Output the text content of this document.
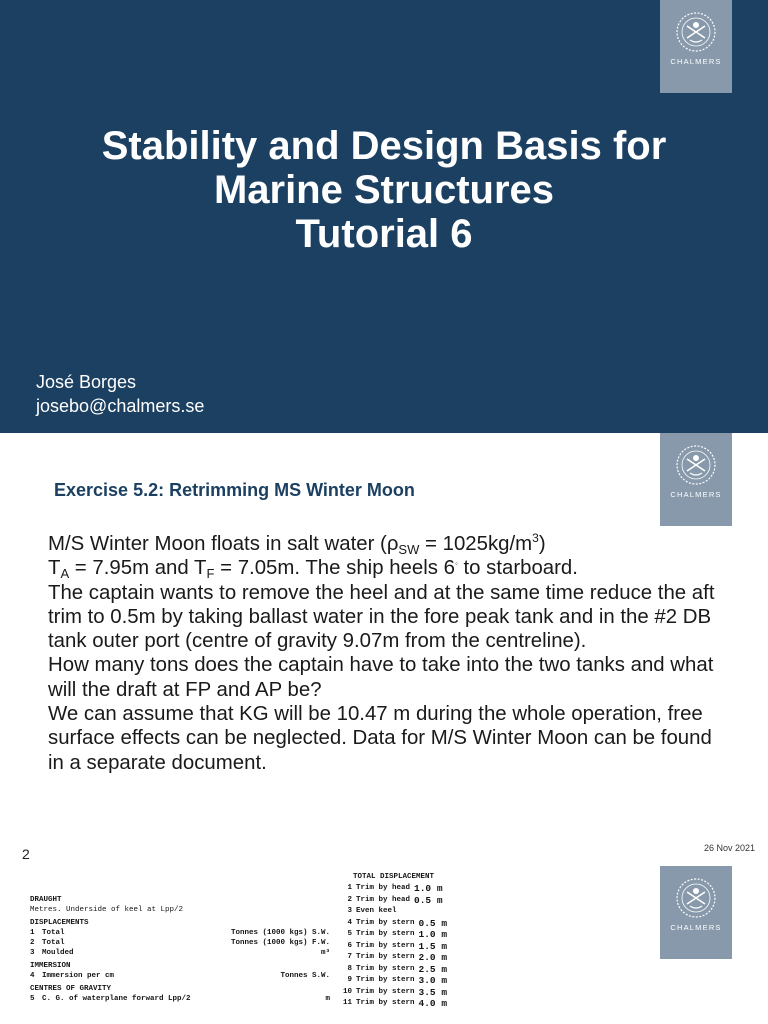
CHALMERS
Stability and Design Basis for
Marine Structures
Tutorial 6
José Borges
josebo@chalmers.se
CHALMERS
Exercise 5.2: Retrimming MS Winter Moon

M/S Winter Moon floats in salt water $(\rho_{SW} = 1025kg/m^3)$

$T_A = 7.95m$ and $T_F = 7.05m$. The ship heels 6◦ to starboard.

The captain wants to remove the heel and at the same time reduce the aft trim to 0.5m by taking ballast water in the fore peak tank and in the #2 DB tank outer port (centre of gravity 9.07m from the centreline).

How many tons does the captain have to take into the two tanks and what will the draft at FP and AP be?

We can assume that KG will be 10.47 m during the whole operation, free surface effects can be neglected. Data for M/S Winter Moon can be found in a separate document.

2	26 Nov 2021
CHALMERS
DRAUGHT
Metres. Underside of keel at Lpp/2
DISPLACEMENTS
1 Total	Tonnes (1000 kgs) S.W.
2 Total	Tonnes (1000 kgs) F.W.
3 Moulded	m³
IMMERSION
4 Immersion per cm	Tonnes S.W.
CENTRES OF GRAVITY
5 C. G. of waterplane forward Lpp/2	m
TOTAL DISPLACEMENT
1 Trim by head 1.0 m
2 Trim by head 0.5 m
3 Even keel
4 Trim by stern 0.5 m
5 Trim by stern 1.0 m
6 Trim by stern 1.5 m
7 Trim by stern 2.0 m
8 Trim by stern 2.5 m
9 Trim by stern 3.0 m
10 Trim by stern 3.5 m
11 Trim by stern 4.0 m
